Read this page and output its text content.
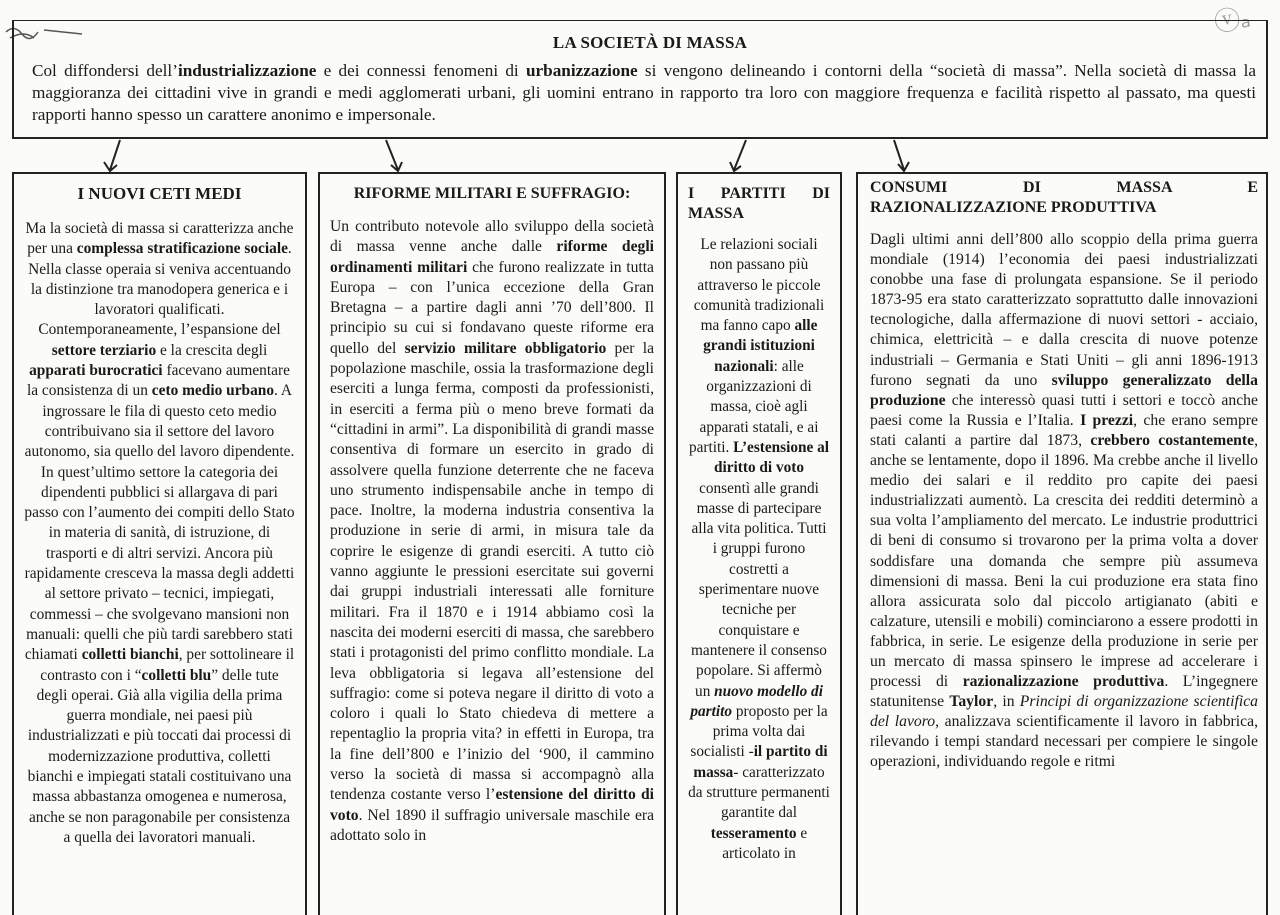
ⓥₐ
LA SOCIETÀ DI MASSA
Col diffondersi dell’industrializzazione e dei connessi fenomeni di urbanizzazione si vengono delineando i contorni della “società di massa”. Nella società di massa la maggioranza dei cittadini vive in grandi e medi agglomerati urbani, gli uomini entrano in rapporto tra loro con maggiore frequenza e facilità rispetto al passato, ma questi rapporti hanno spesso un carattere anonimo e impersonale.
I NUOVI CETI MEDI
Ma la società di massa si caratterizza anche per una complessa stratificazione sociale. Nella classe operaia si veniva accentuando la distinzione tra manodopera generica e i lavoratori qualificati. Contemporaneamente, l’espansione del settore terziario e la crescita degli apparati burocratici facevano aumentare la consistenza di un ceto medio urbano. A ingrossare le fila di questo ceto medio contribuivano sia il settore del lavoro autonomo, sia quello del lavoro dipendente. In quest’ultimo settore la categoria dei dipendenti pubblici si allargava di pari passo con l’aumento dei compiti dello Stato in materia di sanità, di istruzione, di trasporti e di altri servizi. Ancora più rapidamente cresceva la massa degli addetti al settore privato – tecnici, impiegati, commessi – che svolgevano mansioni non manuali: quelli che più tardi sarebbero stati chiamati colletti bianchi, per sottolineare il contrasto con i “colletti blu” delle tute degli operai. Già alla vigilia della prima guerra mondiale, nei paesi più industrializzati e più toccati dai processi di modernizzazione produttiva, colletti bianchi e impiegati statali costituivano una massa abbastanza omogenea e numerosa, anche se non paragonabile per consistenza a quella dei lavoratori manuali.
RIFORME MILITARI E SUFFRAGIO:
Un contributo notevole allo sviluppo della società di massa venne anche dalle riforme degli ordinamenti militari che furono realizzate in tutta Europa – con l’unica eccezione della Gran Bretagna – a partire dagli anni ’70 dell’800. Il principio su cui si fondavano queste riforme era quello del servizio militare obbligatorio per la popolazione maschile, ossia la trasformazione degli eserciti a lunga ferma, composti da professionisti, in eserciti a ferma più o meno breve formati da “cittadini in armi”. La disponibilità di grandi masse consentiva di formare un esercito in grado di assolvere quella funzione deterrente che ne faceva uno strumento indispensabile anche in tempo di pace. Inoltre, la moderna industria consentiva la produzione in serie di armi, in misura tale da coprire le esigenze di grandi eserciti. A tutto ciò vanno aggiunte le pressioni esercitate sui governi dai gruppi industriali interessati alle forniture militari. Fra il 1870 e i 1914 abbiamo così la nascita dei moderni eserciti di massa, che sarebbero stati i protagonisti del primo conflitto mondiale. La leva obbligatoria si legava all’estensione del suffragio: come si poteva negare il diritto di voto a coloro i quali lo Stato chiedeva di mettere a repentaglio la propria vita? in effetti in Europa, tra la fine dell’800 e l’inizio del ‘900, il cammino verso la società di massa si accompagnò alla tendenza costante verso l’estensione del diritto di voto. Nel 1890 il suffragio universale maschile era adottato solo in
I PARTITI DI MASSA
Le relazioni sociali non passano più attraverso le piccole comunità tradizionali ma fanno capo alle grandi istituzioni nazionali: alle organizzazioni di massa, cioè agli apparati statali, e ai partiti. L’estensione al diritto di voto consentì alle grandi masse di partecipare alla vita politica. Tutti i gruppi furono costretti a sperimentare nuove tecniche per conquistare e mantenere il consenso popolare. Si affermò un nuovo modello di partito proposto per la prima volta dai socialisti -il partito di massa- caratterizzato da strutture permanenti garantite dal tesseramento e articolato in
CONSUMI DI MASSA E
RAZIONALIZZAZIONE PRODUTTIVA
Dagli ultimi anni dell’800 allo scoppio della prima guerra mondiale (1914) l’economia dei paesi industrializzati conobbe una fase di prolungata espansione. Se il periodo 1873-95 era stato caratterizzato soprattutto dalle innovazioni tecnologiche, dalla affermazione di nuovi settori - acciaio, chimica, elettricità – e dalla crescita di nuove potenze industriali – Germania e Stati Uniti – gli anni 1896-1913 furono segnati da uno sviluppo generalizzato della produzione che interessò quasi tutti i settori e toccò anche paesi come la Russia e l’Italia. I prezzi, che erano sempre stati calanti a partire dal 1873, crebbero costantemente, anche se lentamente, dopo il 1896. Ma crebbe anche il livello medio dei salari e il reddito pro capite dei paesi industrializzati aumentò. La crescita dei redditi determinò a sua volta l’ampliamento del mercato. Le industrie produttrici di beni di consumo si trovarono per la prima volta a dover soddisfare una domanda che sempre più assumeva dimensioni di massa. Beni la cui produzione era stata fino allora assicurata solo dal piccolo artigianato (abiti e calzature, utensili e mobili) cominciarono a essere prodotti in fabbrica, in serie. Le esigenze della produzione in serie per un mercato di massa spinsero le imprese ad accelerare i processi di razionalizzazione produttiva. L’ingegnere statunitense Taylor, in Principi di organizzazione scientifica del lavoro, analizzava scientificamente il lavoro in fabbrica, rilevando i tempi standard necessari per compiere le singole operazioni, individuando regole e ritmi
